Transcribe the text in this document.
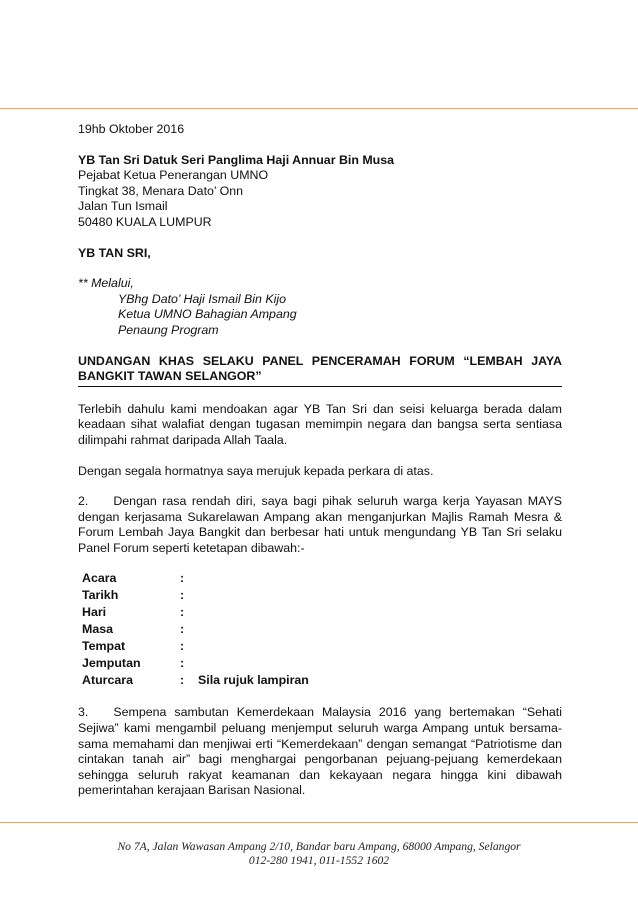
19hb Oktober 2016

YB Tan Sri Datuk Seri Panglima Haji Annuar Bin Musa

Pejabat Ketua Penerangan UMNO

Tingkat 38, Menara Dato’ Onn

Jalan Tun Ismail

50480 KUALA LUMPUR

YB TAN SRI,

** Melalui,

YBhg Dato’ Haji Ismail Bin Kijo

Ketua UMNO Bahagian Ampang

Penaung Program

UNDANGAN KHAS SELAKU PANEL PENCERAMAH FORUM “LEMBAH JAYA BANGKIT TAWAN SELANGOR”

Terlebih dahulu kami mendoakan agar YB Tan Sri dan seisi keluarga berada dalam keadaan sihat walafiat dengan tugasan memimpin negara dan bangsa serta sentiasa dilimpahi rahmat daripada Allah Taala.

Dengan segala hormatnya saya merujuk kepada perkara di atas.

2. Dengan rasa rendah diri, saya bagi pihak seluruh warga kerja Yayasan MAYS dengan kerjasama Sukarelawan Ampang akan menganjurkan Majlis Ramah Mesra & Forum Lembah Jaya Bangkit dan berbesar hati untuk mengundang YB Tan Sri selaku Panel Forum seperti ketetapan dibawah:-

Acara	:	
Tarikh	:	
Hari	:	
Masa	:	
Tempat	:	
Jemputan	:	
Aturcara	:	Sila rujuk lampiran

3. Sempena sambutan Kemerdekaan Malaysia 2016 yang bertemakan “Sehati Sejiwa” kami mengambil peluang menjemput seluruh warga Ampang untuk bersama-sama memahami dan menjiwai erti “Kemerdekaan” dengan semangat “Patriotisme dan cintakan tanah air” bagi menghargai pengorbanan pejuang-pejuang kemerdekaan sehingga seluruh rakyat keamanan dan kekayaan negara hingga kini dibawah pemerintahan kerajaan Barisan Nasional.

No 7A, Jalan Wawasan Ampang 2/10, Bandar baru Ampang, 68000 Ampang, Selangor
012-280 1941, 011-1552 1602
